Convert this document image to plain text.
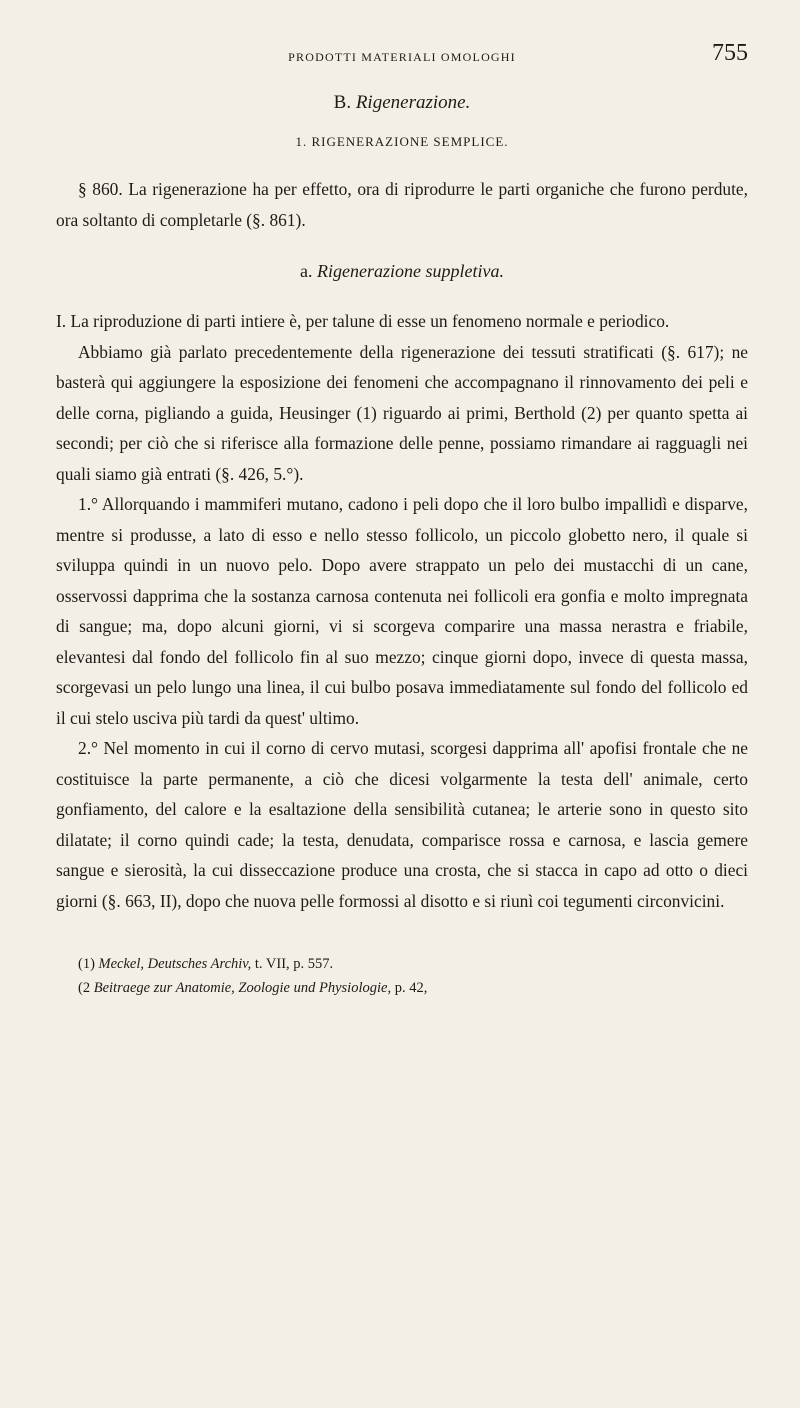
PRODOTTI MATERIALI OMOLOGHI	755
B. Rigenerazione.
1. RIGENERAZIONE SEMPLICE.

§ 860. La rigenerazione ha per effetto, ora di riprodurre le parti organiche che furono perdute, ora soltanto di completarle (§. 861).

a. Rigenerazione suppletiva.

I. La riproduzione di parti intiere è, per talune di esse un fenomeno normale e periodico.

Abbiamo già parlato precedentemente della rigenerazione dei tessuti stratificati (§. 617); ne basterà qui aggiungere la esposizione dei fenomeni che accompagnano il rinnovamento dei peli e delle corna, pigliando a guida, Heusinger (1) riguardo ai primi, Berthold (2) per quanto spetta ai secondi; per ciò che si riferisce alla formazione delle penne, possiamo rimandare ai ragguagli nei quali siamo già entrati (§. 426, 5.°).

1.° Allorquando i mammiferi mutano, cadono i peli dopo che il loro bulbo impallidì e disparve, mentre si produsse, a lato di esso e nello stesso follicolo, un piccolo globetto nero, il quale si sviluppa quindi in un nuovo pelo. Dopo avere strappato un pelo dei mustacchi di un cane, osservossi dapprima che la sostanza carnosa contenuta nei follicoli era gonfia e molto impregnata di sangue; ma, dopo alcuni giorni, vi si scorgeva comparire una massa nerastra e friabile, elevantesi dal fondo del follicolo fin al suo mezzo; cinque giorni dopo, invece di questa massa, scorgevasi un pelo lungo una linea, il cui bulbo posava immediatamente sul fondo del follicolo ed il cui stelo usciva più tardi da quest' ultimo.

2.° Nel momento in cui il corno di cervo mutasi, scorgesi dapprima all' apofisi frontale che ne costituisce la parte permanente, a ciò che dicesi volgarmente la testa dell' animale, certo gonfiamento, del calore e la esaltazione della sensibilità cutanea; le arterie sono in questo sito dilatate; il corno quindi cade; la testa, denudata, comparisce rossa e carnosa, e lascia gemere sangue e sierosità, la cui disseccazione produce una crosta, che si stacca in capo ad otto o dieci giorni (§. 663, II), dopo che nuova pelle formossi al disotto e si riunì coi tegumenti circonvicini.

(1) Meckel, Deutsches Archiv, t. VII, p. 557.

(2 Beitraege zur Anatomie, Zoologie und Physiologie, p. 42,
